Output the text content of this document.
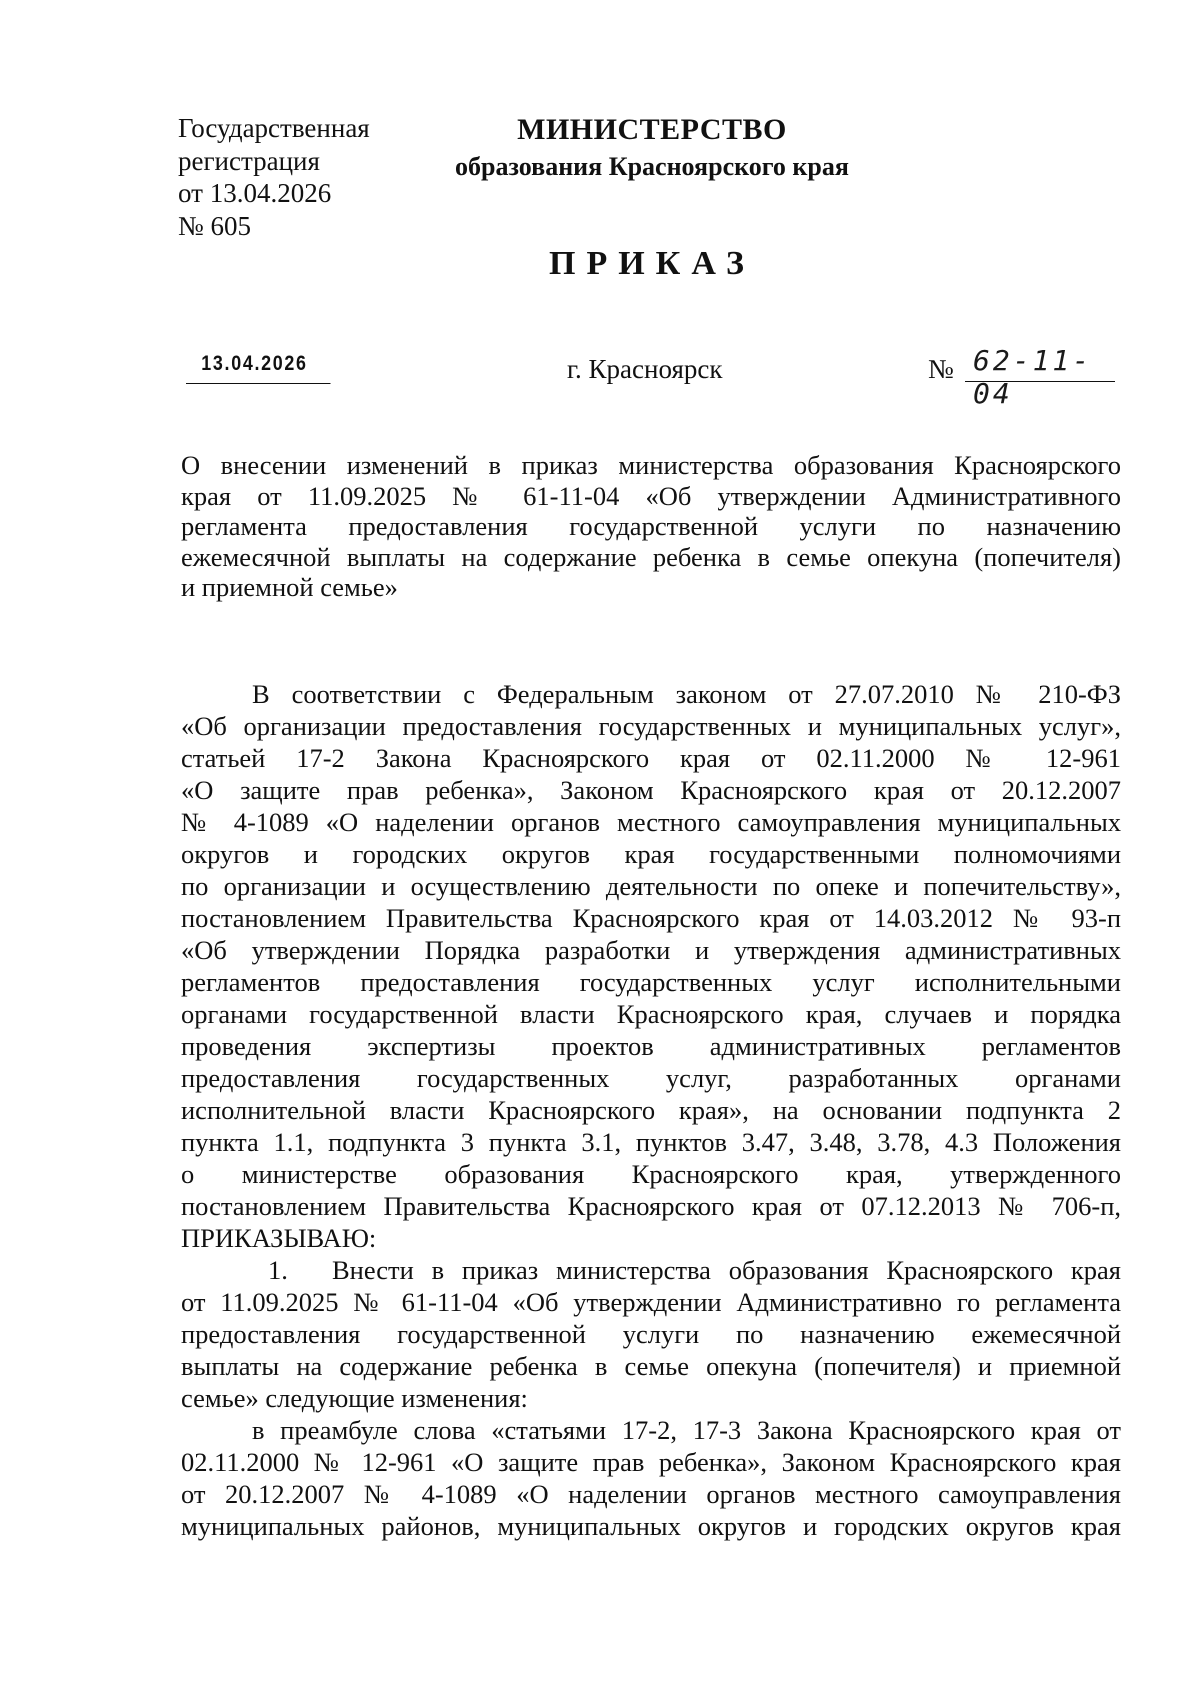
Государственная
регистрация
от 13.04.2026
№ 605
МИНИСТЕРСТВО
образования Красноярского края
ПРИКАЗ
13.04.2026	г. Красноярск	№ 62-11-04
О внесении изменений в приказ министерства образования Красноярского
края от 11.09.2025 № 61-11-04 «Об утверждении Административного
регламента предоставления государственной услуги по назначению
ежемесячной выплаты на содержание ребенка в семье опекуна (попечителя)
и приемной семье»
В соответствии с Федеральным законом от 27.07.2010 № 210-ФЗ
«Об организации предоставления государственных и муниципальных услуг»,
статьей 17-2 Закона Красноярского края от 02.11.2000 № 12-961
«О защите прав ребенка», Законом Красноярского края от 20.12.2007
№ 4-1089 «О наделении органов местного самоуправления муниципальных
округов и городских округов края государственными полномочиями
по организации и осуществлению деятельности по опеке и попечительству»,
постановлением Правительства Красноярского края от 14.03.2012 № 93-п
«Об утверждении Порядка разработки и утверждения административных
регламентов предоставления государственных услуг исполнительными
органами государственной власти Красноярского края, случаев и порядка
проведения экспертизы проектов административных регламентов
предоставления государственных услуг, разработанных органами
исполнительной власти Красноярского края», на основании подпункта 2
пункта 1.1, подпункта 3 пункта 3.1, пунктов 3.47, 3.48, 3.78, 4.3 Положения
о министерстве образования Красноярского края, утвержденного
постановлением Правительства Красноярского края от 07.12.2013 № 706-п,
ПРИКАЗЫВАЮ:
1. Внести в приказ министерства образования Красноярского края
от 11.09.2025 № 61-11-04 «Об утверждении Административно го регламента
предоставления государственной услуги по назначению ежемесячной
выплаты на содержание ребенка в семье опекуна (попечителя) и приемной
семье» следующие изменения:
в преамбуле слова «статьями 17-2, 17-3 Закона Красноярского края от
02.11.2000 № 12-961 «О защите прав ребенка», Законом Красноярского края
от 20.12.2007 № 4-1089 «О наделении органов местного самоуправления
муниципальных районов, муниципальных округов и городских округов края
